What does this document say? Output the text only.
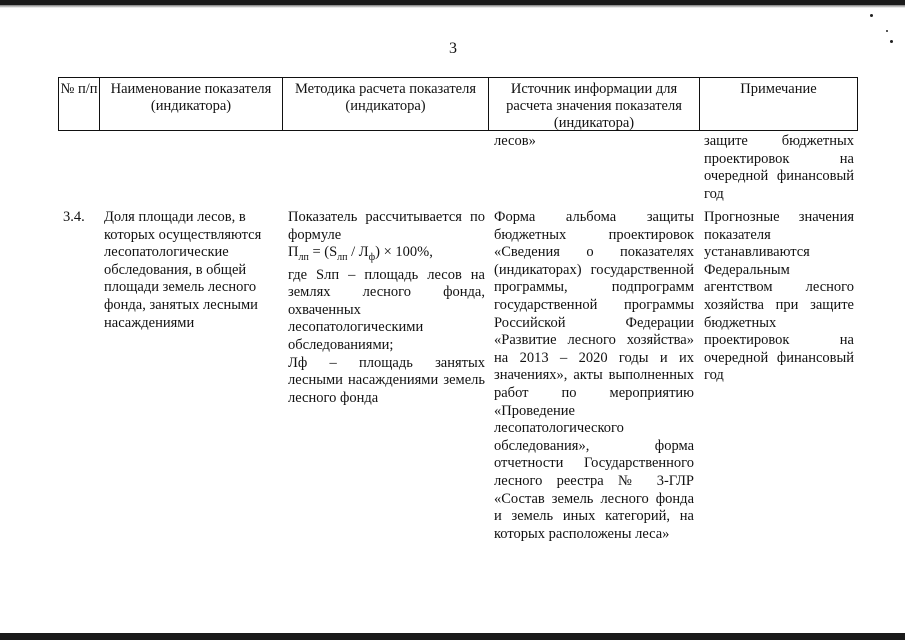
3
№ п/п Наименование показателя (индикатора)
Методика расчета показателя (индикатора)
Источник информации для расчета значения показателя (индикатора)
Примечание
лесов»	защите бюджетных проектировок на очередной финансовый год
3.4.	Доля площади лесов, в которых осуществляются лесопатологические обследования, в общей площади земель лесного фонда, занятых лесными насаждениями
Показатель рассчитывается по формуле
$П_{лп} = (S_{лп} / Л_ф) \times 100\%$,
где Sлп – площадь лесов на землях лесного фонда, охваченных лесопатологическими обследованиями;
Лф – площадь занятых лесными насаждениями земель лесного фонда
Форма альбома защиты бюджетных проектировок «Сведения о показателях (индикаторах) государственной программы, подпрограмм государственной программы Российской Федерации «Развитие лесного хозяйства» на 2013 – 2020 годы и их значениях», акты выполненных работ по мероприятию «Проведение лесопатологического обследования», форма отчетности Государственного лесного реестра № 3-ГЛР «Состав земель лесного фонда и земель иных категорий, на которых расположены леса»
Прогнозные значения показателя устанавливаются Федеральным агентством лесного хозяйства при защите бюджетных проектировок на очередной финансовый год
